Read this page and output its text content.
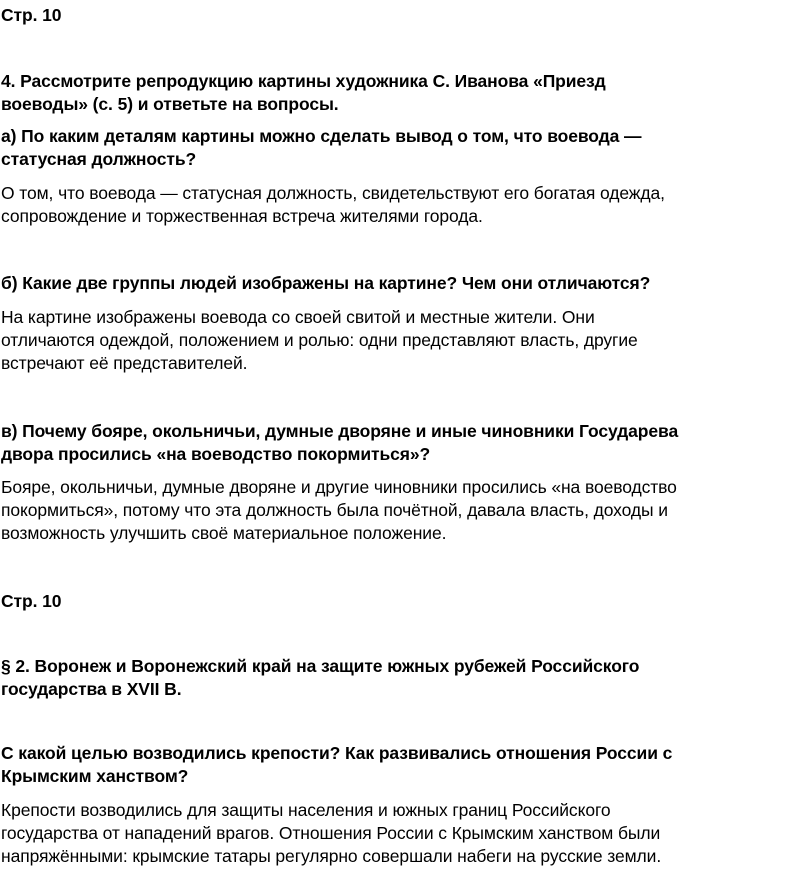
Стр. 10
4. Рассмотрите репродукцию картины художника С. Иванова «Приезд
воеводы» (с. 5) и ответьте на вопросы.
а) По каким деталям картины можно сделать вывод о том, что воевода —
статусная должность?
О том, что воевода — статусная должность, свидетельствуют его богатая одежда,
сопровождение и торжественная встреча жителями города.
б) Какие две группы людей изображены на картине? Чем они отличаются?
На картине изображены воевода со своей свитой и местные жители. Они
отличаются одеждой, положением и ролью: одни представляют власть, другие
встречают её представителей.
в) Почему бояре, окольничьи, думные дворяне и иные чиновники Государева
двора просились «на воеводство покормиться»?
Бояре, окольничьи, думные дворяне и другие чиновники просились «на воеводство
покормиться», потому что эта должность была почётной, давала власть, доходы и
возможность улучшить своё материальное положение.
Стр. 10
§ 2. Воронеж и Воронежский край на защите южных рубежей Российского
государства в XVII В.
С какой целью возводились крепости? Как развивались отношения России с
Крымским ханством?
Крепости возводились для защиты населения и южных границ Российского
государства от нападений врагов. Отношения России с Крымским ханством были
напряжёнными: крымские татары регулярно совершали набеги на русские земли.
